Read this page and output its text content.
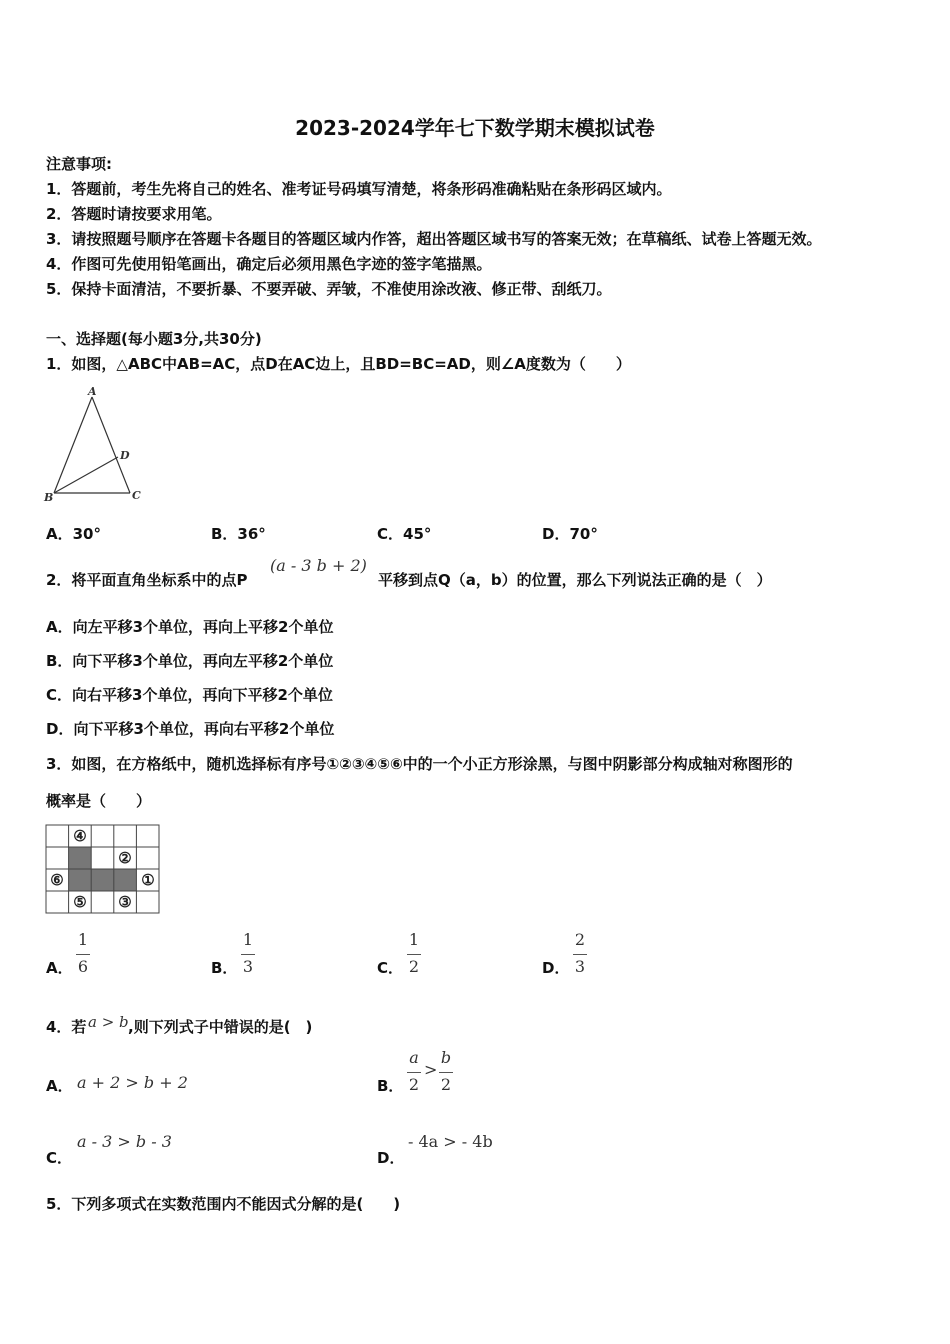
2023-2024学年七下数学期末模拟试卷
注意事项:
1．答题前，考生先将自己的姓名、准考证号码填写清楚，将条形码准确粘贴在条形码区域内。
2．答题时请按要求用笔。
3．请按照题号顺序在答题卡各题目的答题区域内作答，超出答题区域书写的答案无效；在草稿纸、试卷上答题无效。
4．作图可先使用铅笔画出，确定后必须用黑色字迹的签字笔描黑。
5．保持卡面清洁，不要折暴、不要弄破、弄皱，不准使用涂改液、修正带、刮纸刀。
一、选择题(每小题3分,共30分)
1．如图，△ABC中AB=AC，点D在AC边上，且BD=BC=AD，则∠A度数为（　　）
A
B	C
D
A．30°	B．36°	C．45°	D．70°
2．将平面直角坐标系中的点P
(a - 3 b + 2)
平移到点Q（a，b）的位置，那么下列说法正确的是（　）
A．向左平移3个单位，再向上平移2个单位
B．向下平移3个单位，再向左平移2个单位
C．向右平移3个单位，再向下平移2个单位
D．向下平移3个单位，再向右平移2个单位
3．如图，在方格纸中，随机选择标有序号①②③④⑤⑥中的一个小正方形涂黑，与图中阴影部分构成轴对称图形的
概率是（　　）
④
②
⑥	①
⑤ ③
A．
1
6	B．
1
3	C．
1
2	D．
2
3
4．若 a > b ,则下列式子中错误的是(　)
A． a + 2 > b + 2	B．
a
2
>
b
2
C．
a - 3 > b - 3
D．
- 4a > - 4b
5．下列多项式在实数范围内不能因式分解的是(　　)
